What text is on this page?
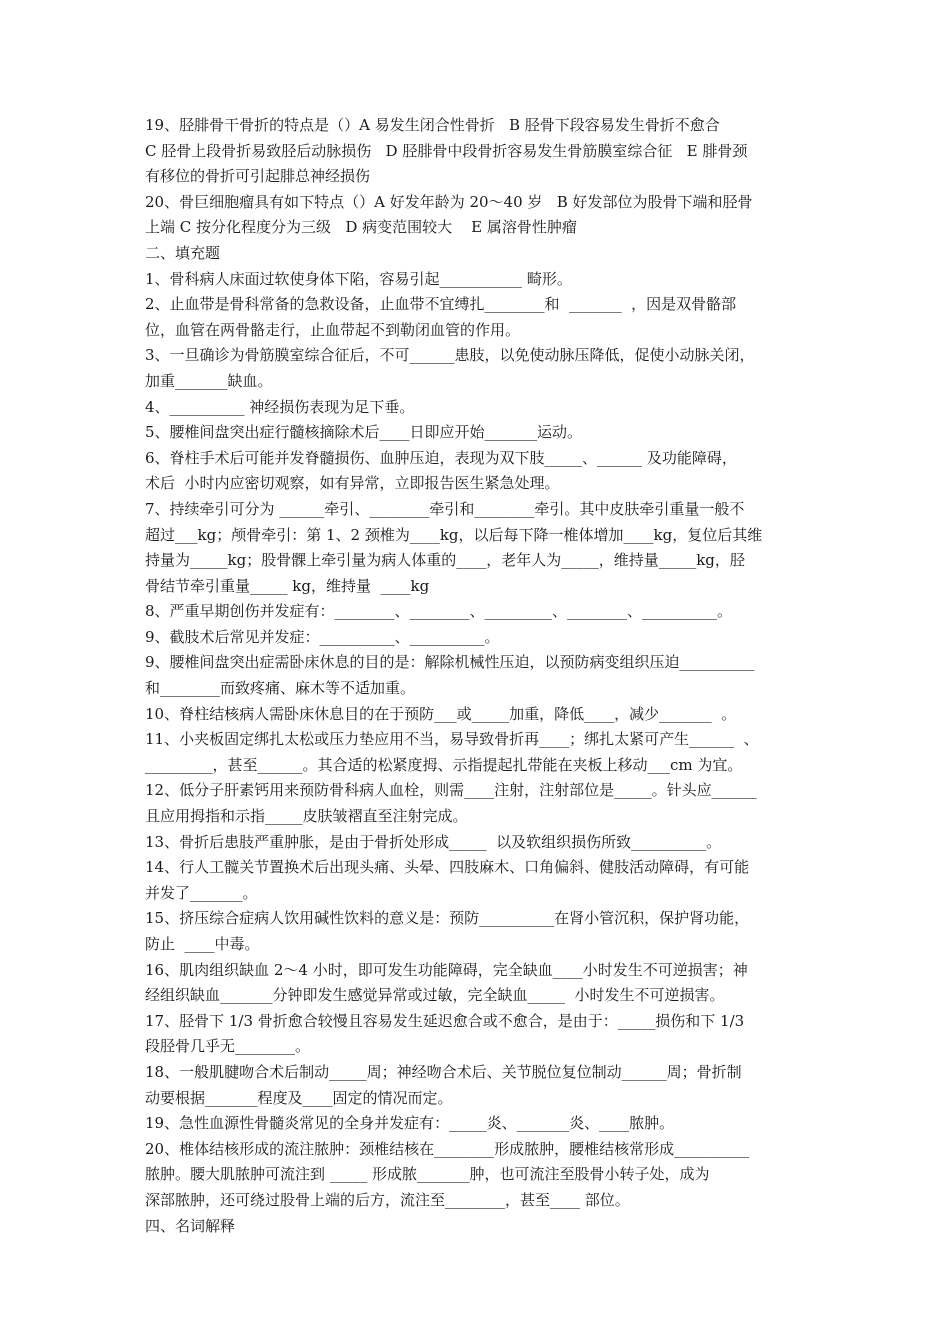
19、胫腓骨干骨折的特点是（）A 易发生闭合性骨折   B 胫骨下段容易发生骨折不愈合
C 胫骨上段骨折易致胫后动脉损伤   D 胫腓骨中段骨折容易发生骨筋膜室综合征   E 腓骨颈
有移位的骨折可引起腓总神经损伤
20、骨巨细胞瘤具有如下特点（）A 好发年龄为 20～40 岁   B 好发部位为股骨下端和胫骨
上端 C 按分化程度分为三级   D 病变范围较大    E 属溶骨性肿瘤
二、填充题
1、骨科病人床面过软使身体下陷，容易引起___________ 畸形。
2、止血带是骨科常备的急救设备，止血带不宜缚扎________和  _______  ，因是双骨骼部
位，血管在两骨骼走行，止血带起不到勒闭血管的作用。
3、一旦确诊为骨筋膜室综合征后，不可______患肢，以免使动脉压降低，促使小动脉关闭，
加重_______缺血。
4、__________ 神经损伤表现为足下垂。
5、腰椎间盘突出症行髓核摘除术后____日即应开始_______运动。
6、脊柱手术后可能并发脊髓损伤、血肿压迫，表现为双下肢_____、______ 及功能障碍，
术后  小时内应密切观察，如有异常，立即报告医生紧急处理。
7、持续牵引可分为 ______牵引、________牵引和________牵引。其中皮肤牵引重量一般不
超过___kg；颅骨牵引：第 1、2 颈椎为____kg，以后每下降一椎体增加____kg，复位后其维
持量为_____kg；股骨髁上牵引量为病人体重的____，老年人为_____，维持量_____kg，胫
骨结节牵引重量_____ kg，维持量  ____kg
8、严重早期创伤并发症有：________、________、_________、________、__________。
9、截肢术后常见并发症：__________、__________。
9、腰椎间盘突出症需卧床休息的目的是：解除机械性压迫，以预防病变组织压迫__________
和________而致疼痛、麻木等不适加重。
10、脊柱结核病人需卧床休息目的在于预防___或_____加重，降低____，减少_______  。
11、小夹板固定绑扎太松或压力垫应用不当，易导致骨折再____；绑扎太紧可产生______  、
_________，甚至______。其合适的松紧度拇、示指提起扎带能在夹板上移动___cm 为宜。
12、低分子肝素钙用来预防骨科病人血栓，则需____注射，注射部位是_____。针头应______
且应用拇指和示指_____皮肤皱褶直至注射完成。
13、骨折后患肢严重肿胀，是由于骨折处形成_____  以及软组织损伤所致__________。
14、行人工髋关节置换术后出现头痛、头晕、四肢麻木、口角偏斜、健肢活动障碍，有可能
并发了_______。
15、挤压综合症病人饮用碱性饮料的意义是：预防__________在肾小管沉积，保护肾功能，
防止  ____中毒。
16、肌肉组织缺血 2～4 小时，即可发生功能障碍，完全缺血____小时发生不可逆损害；神
经组织缺血_______分钟即发生感觉异常或过敏，完全缺血_____  小时发生不可逆损害。
17、胫骨下 1/3 骨折愈合较慢且容易发生延迟愈合或不愈合，是由于：_____损伤和下 1/3
段胫骨几乎无________。
18、一般肌腱吻合术后制动_____周；神经吻合术后、关节脱位复位制动______周；骨折制
动要根据_______程度及____固定的情况而定。
19、急性血源性骨髓炎常见的全身并发症有：_____炎、_______炎、____脓肿。
20、椎体结核形成的流注脓肿：颈椎结核在________形成脓肿，腰椎结核常形成__________
脓肿。腰大肌脓肿可流注到 _____ 形成脓_______肿，也可流注至股骨小转子处，成为
深部脓肿，还可绕过股骨上端的后方，流注至________，甚至____ 部位。
四、名词解释
